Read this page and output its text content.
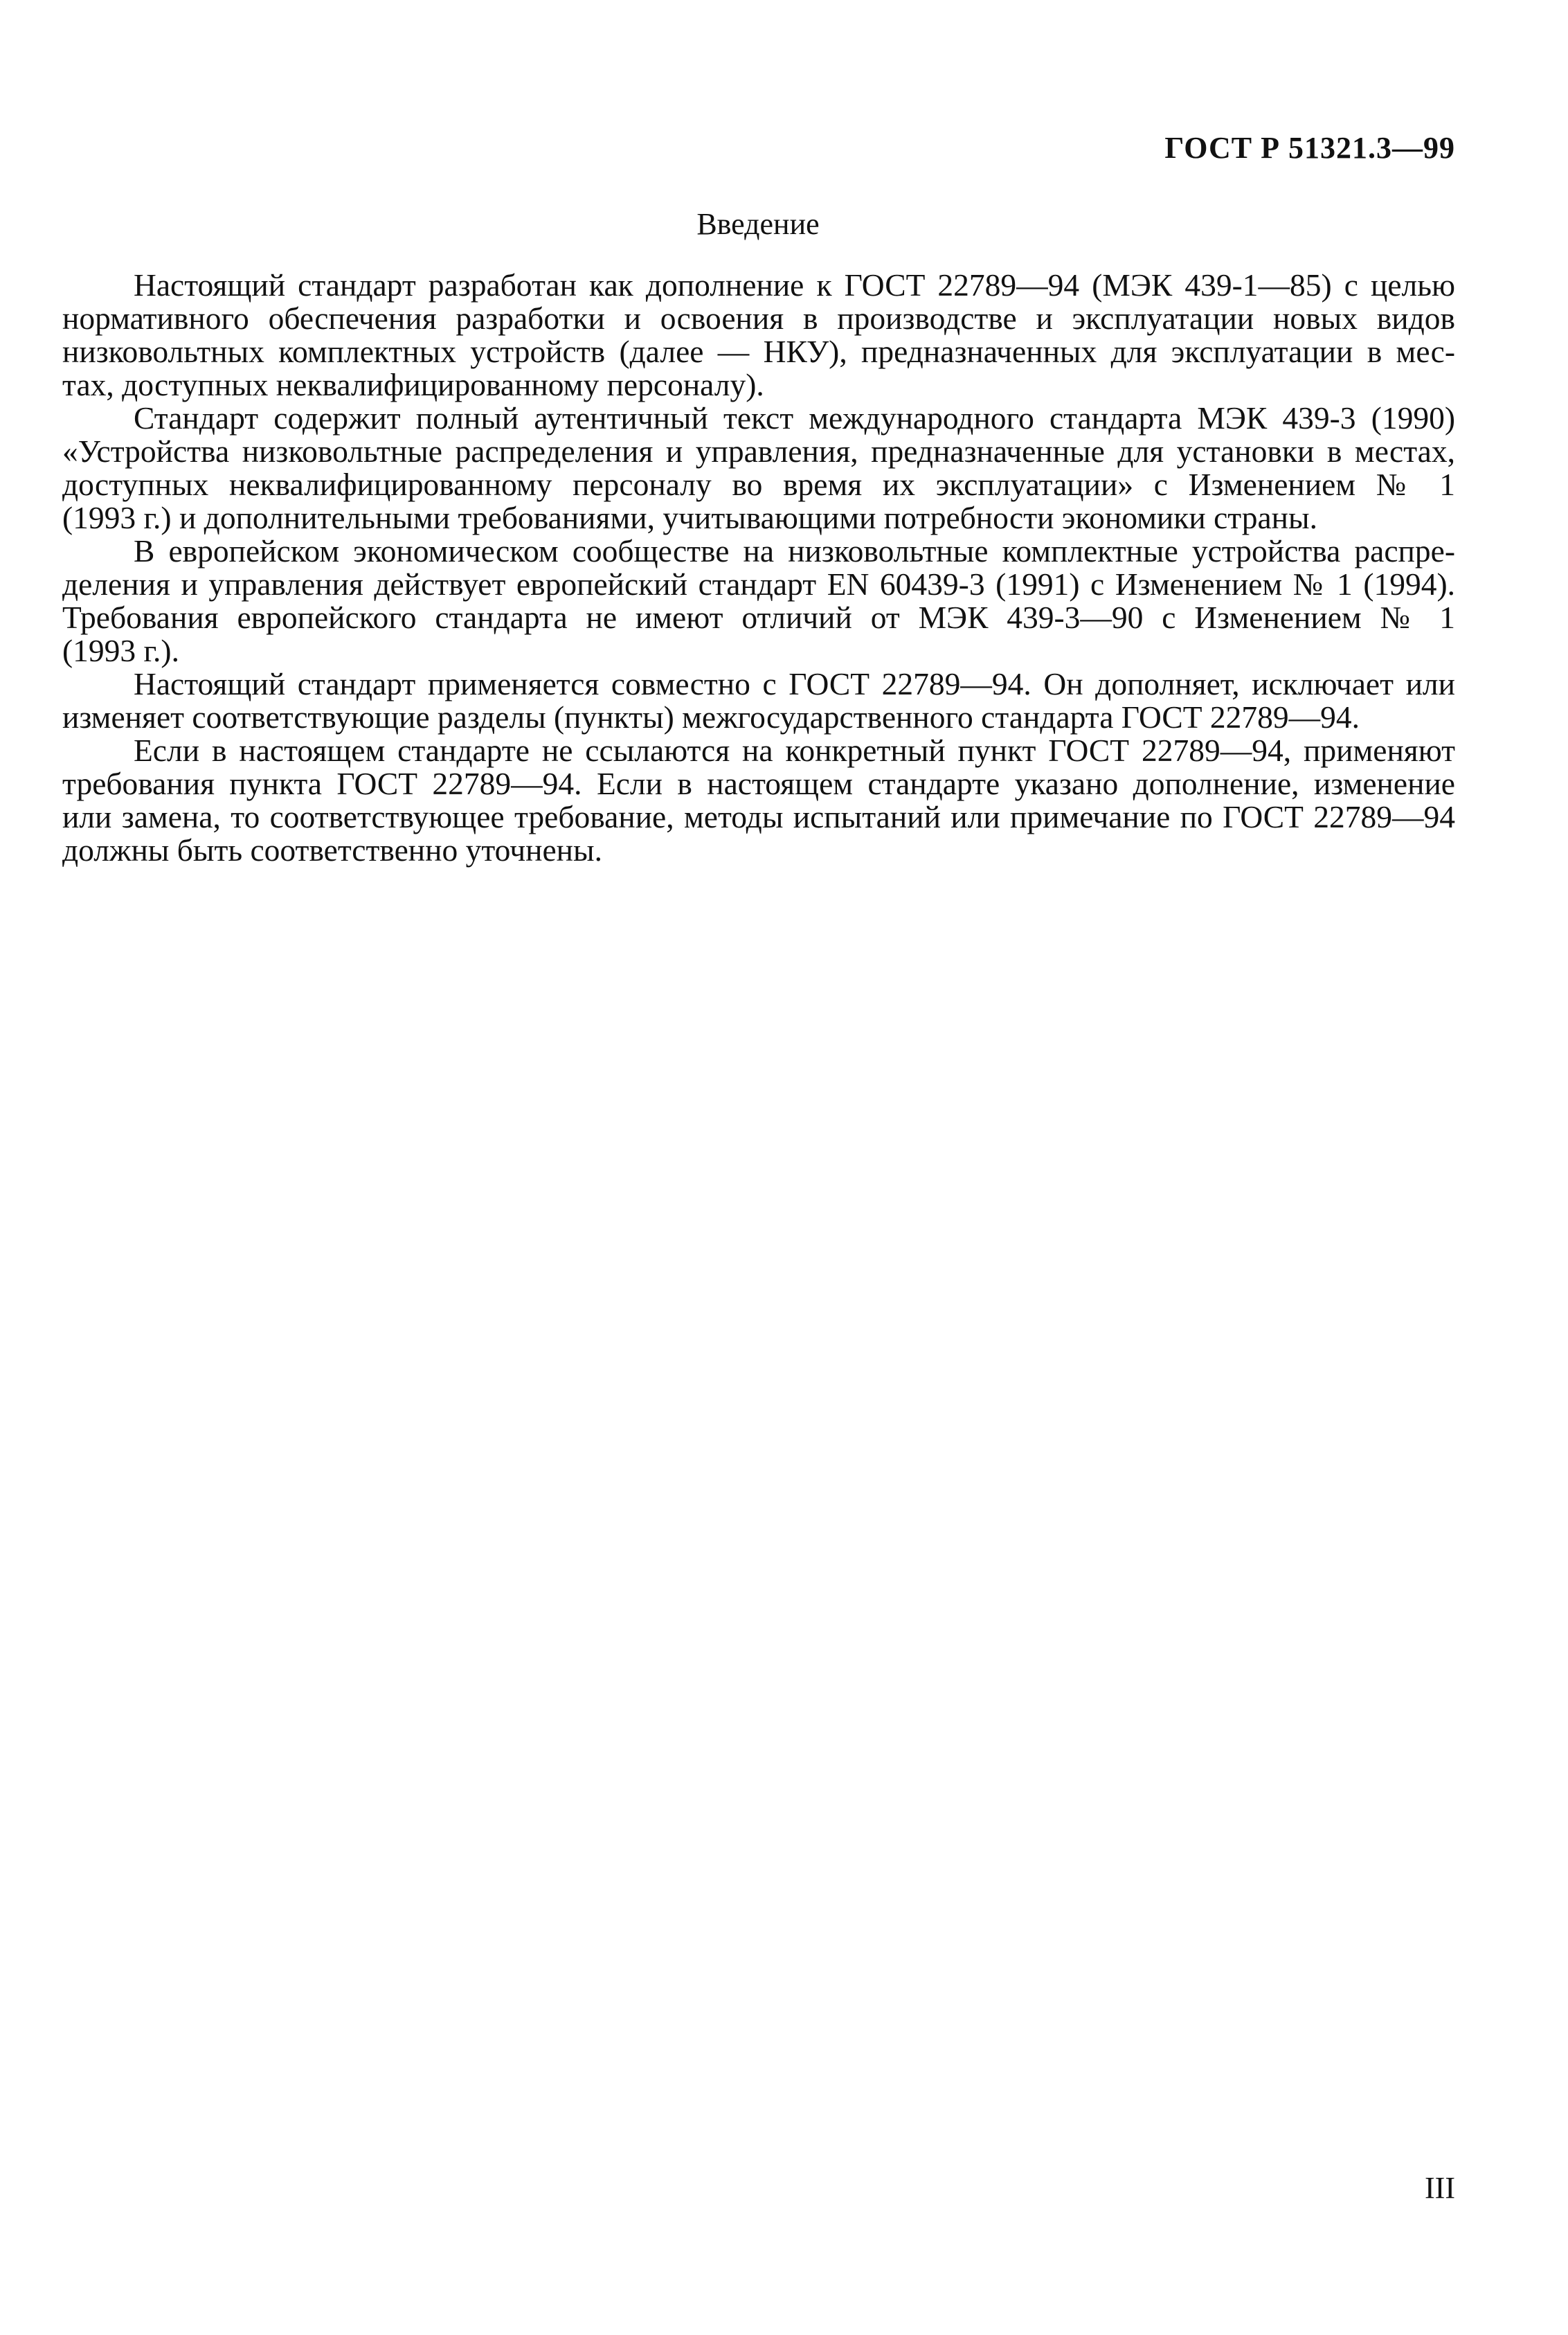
ГОСТ Р 51321.3—99
Введение

Настоящий стандарт разработан как дополнение к ГОСТ 22789—94 (МЭК 439-1—85) с целью
нормативного обеспечения разработки и освоения в производстве и эксплуатации новых видов
низковольтных комплектных устройств (далее — НКУ), предназначенных для эксплуатации в мес-
тах, доступных неквалифицированному персоналу).

Стандарт содержит полный аутентичный текст международного стандарта МЭК 439-3 (1990)
«Устройства низковольтные распределения и управления, предназначенные для установки в местах,
доступных неквалифицированному персоналу во время их эксплуатации» с Изменением № 1
(1993 г.) и дополнительными требованиями, учитывающими потребности экономики страны.

В европейском экономическом сообществе на низковольтные комплектные устройства распре-
деления и управления действует европейский стандарт EN 60439-3 (1991) с Изменением № 1 (1994).
Требования европейского стандарта не имеют отличий от МЭК 439-3—90 с Изменением № 1
(1993 г.).

Настоящий стандарт применяется совместно с ГОСТ 22789—94. Он дополняет, исключает или
изменяет соответствующие разделы (пункты) межгосударственного стандарта ГОСТ 22789—94.

Если в настоящем стандарте не ссылаются на конкретный пункт ГОСТ 22789—94, применяют
требования пункта ГОСТ 22789—94. Если в настоящем стандарте указано дополнение, изменение
или замена, то соответствующее требование, методы испытаний или примечание по ГОСТ 22789—94
должны быть соответственно уточнены.

III
